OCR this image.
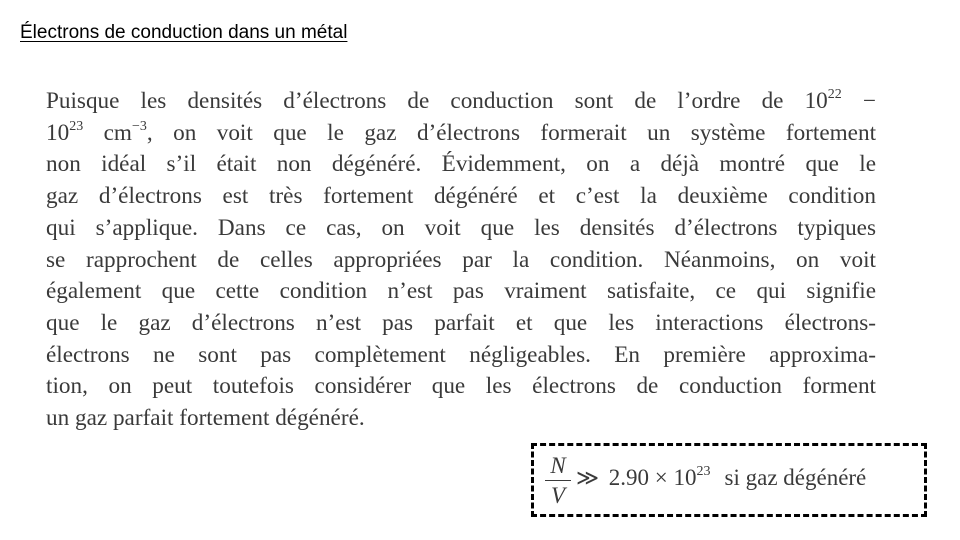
Électrons de conduction dans un métal
Puisque les densités d’électrons de conduction sont de l’ordre de $10^{22}$ −
$10^{23}$ $cm^{-3}$, on voit que le gaz d’électrons formerait un système fortement
non idéal s’il était non dégénéré. Évidemment, on a déjà montré que le
gaz d’électrons est très fortement dégénéré et c’est la deuxième condition
qui s’applique. Dans ce cas, on voit que les densités d’électrons typiques
se rapprochent de celles appropriées par la condition. Néanmoins, on voit
également que cette condition n’est pas vraiment satisfaite, ce qui signifie
que le gaz d’électrons n’est pas parfait et que les interactions électrons-
électrons ne sont pas complètement négligeables. En première approxima-
tion, on peut toutefois considérer que les électrons de conduction forment
un gaz parfait fortement dégénéré.
N
V
≫ $2.90 \times 10^{23}$ si gaz dégénéré
